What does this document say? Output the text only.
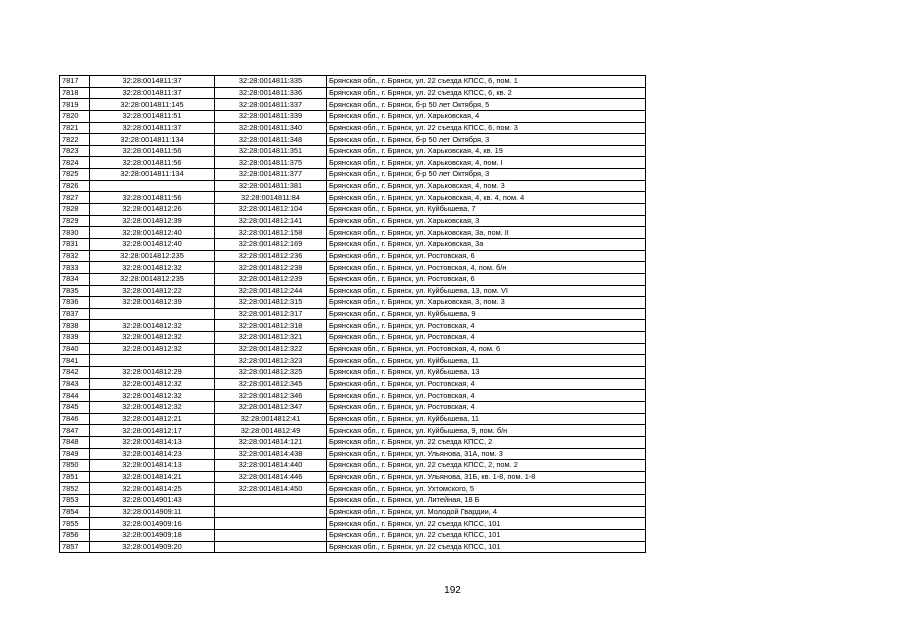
7817	32:28:0014811:37	32:28:0014811:335	Брянская обл., г. Брянск, ул. 22 съезда КПСС, 6, пом. 1
7818	32:28:0014811:37	32:28:0014811:336	Брянская обл., г. Брянск, ул. 22 съезда КПСС, 6, кв. 2
7819	32:28:0014811:145	32:28:0014811:337	Брянская обл., г. Брянск, б-р 50 лет Октября, 5
7820	32:28:0014811:51	32:28:0014811:339	Брянская обл., г. Брянск, ул. Харьковская, 4
7821	32:28:0014811:37	32:28:0014811:340	Брянская обл., г. Брянск, ул. 22 съезда КПСС, 6, пом. 3
7822	32:28:0014811:134	32:28:0014811:348	Брянская обл., г. Брянск, б-р 50 лет Октября, 3
7823	32:28:0014811:56	32:28:0014811:351	Брянская обл., г. Брянск, ул. Харьковская, 4, кв. 19
7824	32:28:0014811:56	32:28:0014811:375	Брянская обл., г. Брянск, ул. Харьковская, 4, пом. I
7825	32:28:0014811:134	32:28:0014811:377	Брянская обл., г. Брянск, б-р 50 лет Октября, 3
7826		32:28:0014811:381	Брянская обл., г. Брянск, ул. Харьковская, 4, пом. 3
7827	32:28:0014811:56	32:28:0014811:84	Брянская обл., г. Брянск, ул. Харьковская, 4, кв. 4, пом. 4
7828	32:28:0014812:26	32:28:0014812:104	Брянская обл., г. Брянск, ул. Куйбышева, 7
7829	32:28:0014812:39	32:28:0014812:141	Брянская обл., г. Брянск, ул. Харьковская, 3
7830	32:28:0014812:40	32:28:0014812:158	Брянская обл., г. Брянск, ул. Харьковская, 3а, пом. II
7831	32:28:0014812:40	32:28:0014812:169	Брянская обл., г. Брянск, ул. Харьковская, 3а
7832	32:28:0014812:235	32:28:0014812:236	Брянская обл., г. Брянск, ул. Ростовская, 6
7833	32:28:0014812:32	32:28:0014812:238	Брянская обл., г. Брянск, ул. Ростовская, 4, пом. б/н
7834	32:28:0014812:235	32:28:0014812:239	Брянская обл., г. Брянск, ул. Ростовская, 6
7835	32:28:0014812:22	32:28:0014812:244	Брянская обл., г. Брянск, ул. Куйбышева, 13, пом. VI
7836	32:28:0014812:39	32:28:0014812:315	Брянская обл., г. Брянск, ул. Харьковская, 3, пом. 3
7837		32:28:0014812:317	Брянская обл., г. Брянск, ул. Куйбышева, 9
7838	32:28:0014812:32	32:28:0014812:318	Брянская обл., г. Брянск, ул. Ростовская, 4
7839	32:28:0014812:32	32:28:0014812:321	Брянская обл., г. Брянск, ул. Ростовская, 4
7840	32:28:0014812:32	32:28:0014812:322	Брянская обл., г. Брянск, ул. Ростовская, 4, пом. 6
7841		32:28:0014812:323	Брянская обл., г. Брянск, ул. Куйбышева, 11
7842	32:28:0014812:29	32:28:0014812:325	Брянская обл., г. Брянск, ул. Куйбышева, 13
7843	32:28:0014812:32	32:28:0014812:345	Брянская обл., г. Брянск, ул. Ростовская, 4
7844	32:28:0014812:32	32:28:0014812:346	Брянская обл., г. Брянск, ул. Ростовская, 4
7845	32:28:0014812:32	32:28:0014812:347	Брянская обл., г. Брянск, ул. Ростовская, 4
7846	32:28:0014812:21	32:28:0014812:41	Брянская обл., г. Брянск, ул. Куйбышева, 11
7847	32:28:0014812:17	32:28:0014812:49	Брянская обл., г. Брянск, ул. Куйбышева, 9, пом. б/н
7848	32:28:0014814:13	32:28:0014814:121	Брянская обл., г. Брянск, ул. 22 съезда КПСС, 2
7849	32:28:0014814:23	32:28:0014814:438	Брянская обл., г. Брянск, ул. Ульянова, 31А, пом. 3
7850	32:28:0014814:13	32:28:0014814:440	Брянская обл., г. Брянск, ул. 22 съезда КПСС, 2, пом. 2
7851	32:28:0014814:21	32:28:0014814:446	Брянская обл., г. Брянск, ул. Ульянова, 31Б, кв. 1-8, пом. 1-8
7852	32:28:0014814:25	32:28:0014814:450	Брянская обл., г. Брянск, ул. Ухтомского, 5
7853	32:28:0014901:43		Брянская обл., г. Брянск, ул. Литейная, 18 Б
7854	32:28:0014909:11		Брянская обл., г. Брянск, ул. Молодой Гвардии, 4
7855	32:28:0014909:16		Брянская обл., г. Брянск, ул. 22 съезда КПСС, 101
7856	32:28:0014909:18		Брянская обл., г. Брянск, ул. 22 съезда КПСС, 101
7857	32:28:0014909:20		Брянская обл., г. Брянск, ул. 22 съезда КПСС, 101
192
